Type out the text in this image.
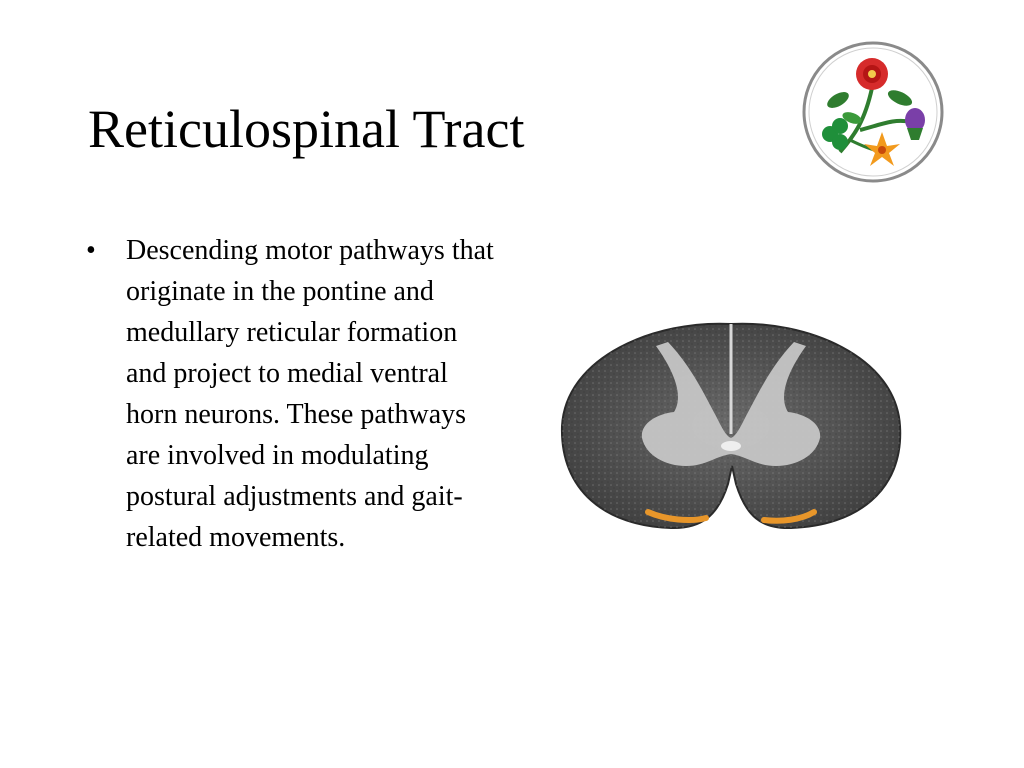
Reticulospinal Tract
• Descending motor pathways that originate in the pontine and medullary reticular formation and project to medial ventral horn neurons. These pathways are involved in modulating postural adjustments and gait-related movements.
